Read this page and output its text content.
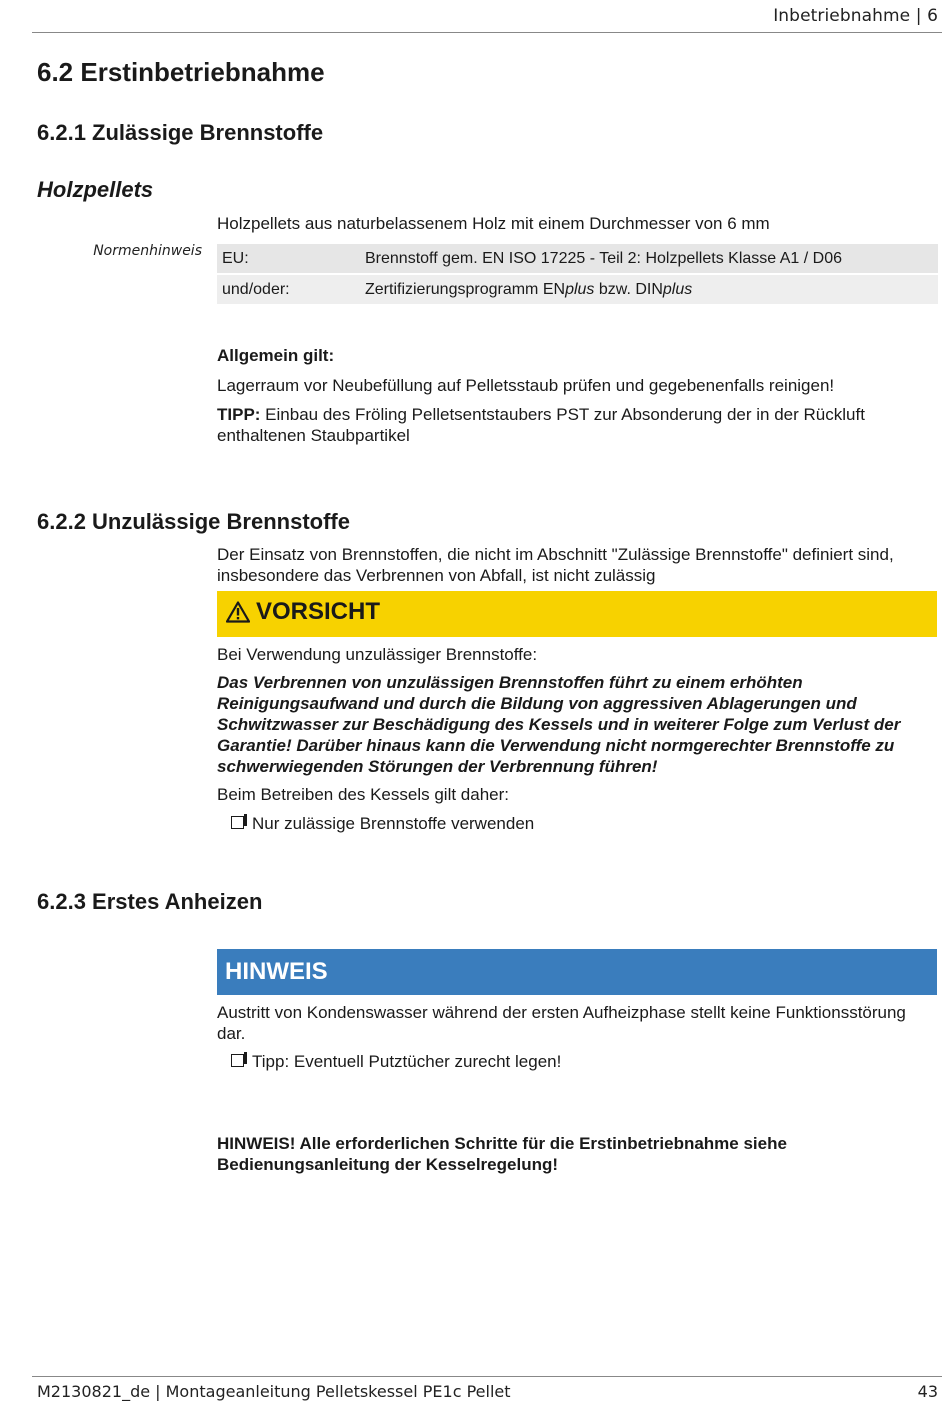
Inbetriebnahme | 6
6.2 Erstinbetriebnahme
6.2.1 Zulässige Brennstoffe
Holzpellets
Holzpellets aus naturbelassenem Holz mit einem Durchmesser von 6 mm
Normenhinweis EU:	Brennstoff gem. EN ISO 17225 - Teil 2: Holzpellets Klasse A1 / D06
und/oder:	Zertifizierungsprogramm ENplus bzw. DINplus
Allgemein gilt:
Lagerraum vor Neubefüllung auf Pelletsstaub prüfen und gegebenenfalls reinigen!
TIPP: Einbau des Fröling Pelletsentstaubers PST zur Absonderung der in der Rückluft enthaltenen Staubpartikel
6.2.2 Unzulässige Brennstoffe
Der Einsatz von Brennstoffen, die nicht im Abschnitt "Zulässige Brennstoffe" definiert sind, insbesondere das Verbrennen von Abfall, ist nicht zulässig
VORSICHT
Bei Verwendung unzulässiger Brennstoffe:
Das Verbrennen von unzulässigen Brennstoffen führt zu einem erhöhten Reinigungsaufwand und durch die Bildung von aggressiven Ablagerungen und Schwitzwasser zur Beschädigung des Kessels und in weiterer Folge zum Verlust der Garantie! Darüber hinaus kann die Verwendung nicht normgerechter Brennstoffe zu schwerwiegenden Störungen der Verbrennung führen!
Beim Betreiben des Kessels gilt daher:
Nur zulässige Brennstoffe verwenden
6.2.3 Erstes Anheizen
HINWEIS
Austritt von Kondenswasser während der ersten Aufheizphase stellt keine Funktionsstörung dar.
Tipp: Eventuell Putztücher zurecht legen!
HINWEIS! Alle erforderlichen Schritte für die Erstinbetriebnahme siehe Bedienungsanleitung der Kesselregelung!
M2130821_de | Montageanleitung Pelletskessel PE1c Pellet	43
